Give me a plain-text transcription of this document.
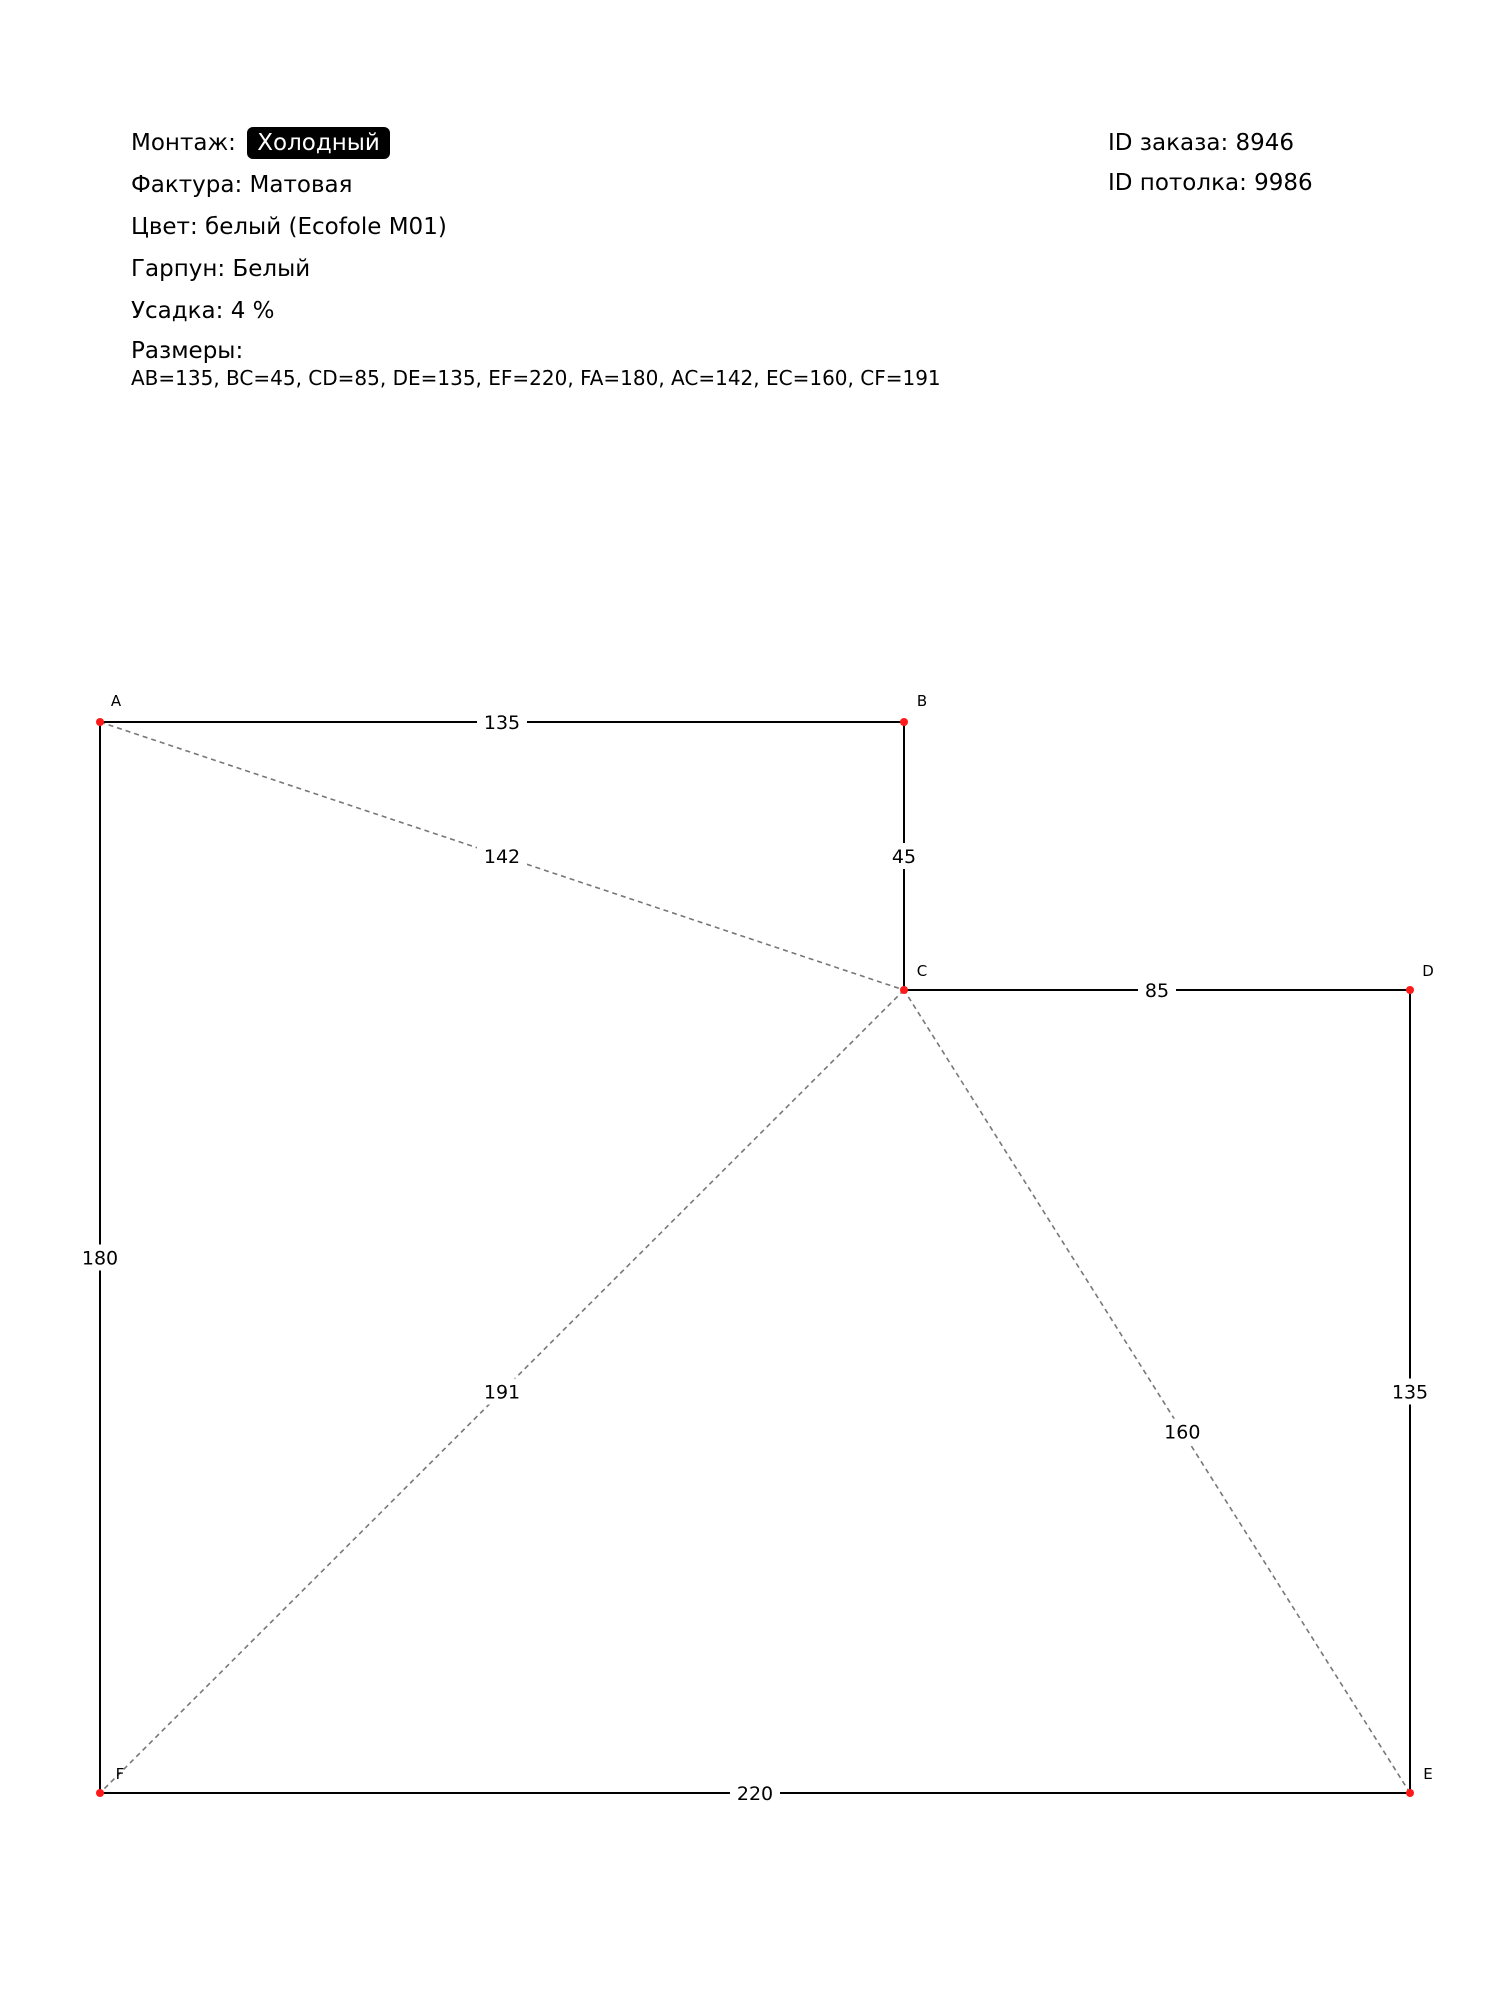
Монтаж: Холодный
Фактура: Матовая
Цвет: белый (Ecofole M01)
Гарпун: Белый
Усадка: 4 %
Размеры:
AB=135, BC=45, CD=85, DE=135, EF=220, FA=180, AC=142, EC=160, CF=191
ID заказа: 8946
ID потолка: 9986
142
160
191
135
45
85
135
220
180
A	B
C	D
E
F
